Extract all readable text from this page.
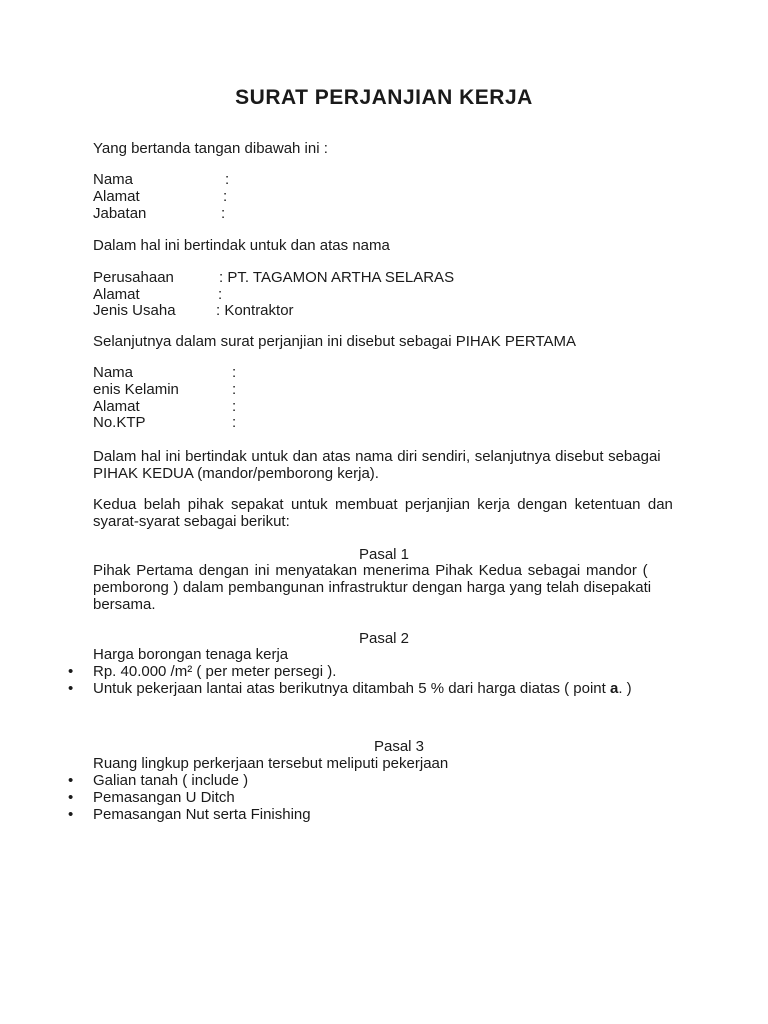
SURAT PERJANJIAN KERJA
Yang bertanda tangan dibawah ini :
Nama	:
Alamat	:
Jabatan	:
Dalam hal ini bertindak untuk dan atas nama
Perusahaan	: PT. TAGAMON ARTHA SELARAS
Alamat	:
Jenis Usaha	: Kontraktor
Selanjutnya dalam surat perjanjian ini disebut sebagai PIHAK PERTAMA
Nama	:
enis Kelamin	:
Alamat	:
No.KTP	:
Dalam hal ini bertindak untuk dan atas nama diri sendiri, selanjutnya disebut sebagai
PIHAK KEDUA (mandor/pemborong kerja).
Kedua belah pihak sepakat untuk membuat perjanjian kerja dengan ketentuan dan
syarat-syarat sebagai berikut:
Pasal 1
Pihak Pertama dengan ini menyatakan menerima Pihak Kedua sebagai mandor (
pemborong ) dalam pembangunan infrastruktur dengan harga yang telah disepakati
bersama.
Pasal 2
Harga borongan tenaga kerja
• Rp. 40.000 /m² ( per meter persegi ).
• Untuk pekerjaan lantai atas berikutnya ditambah 5 % dari harga diatas ( point a. )
Pasal 3
Ruang lingkup perkerjaan tersebut meliputi pekerjaan
• Galian tanah ( include )
• Pemasangan U Ditch
• Pemasangan Nut serta Finishing
